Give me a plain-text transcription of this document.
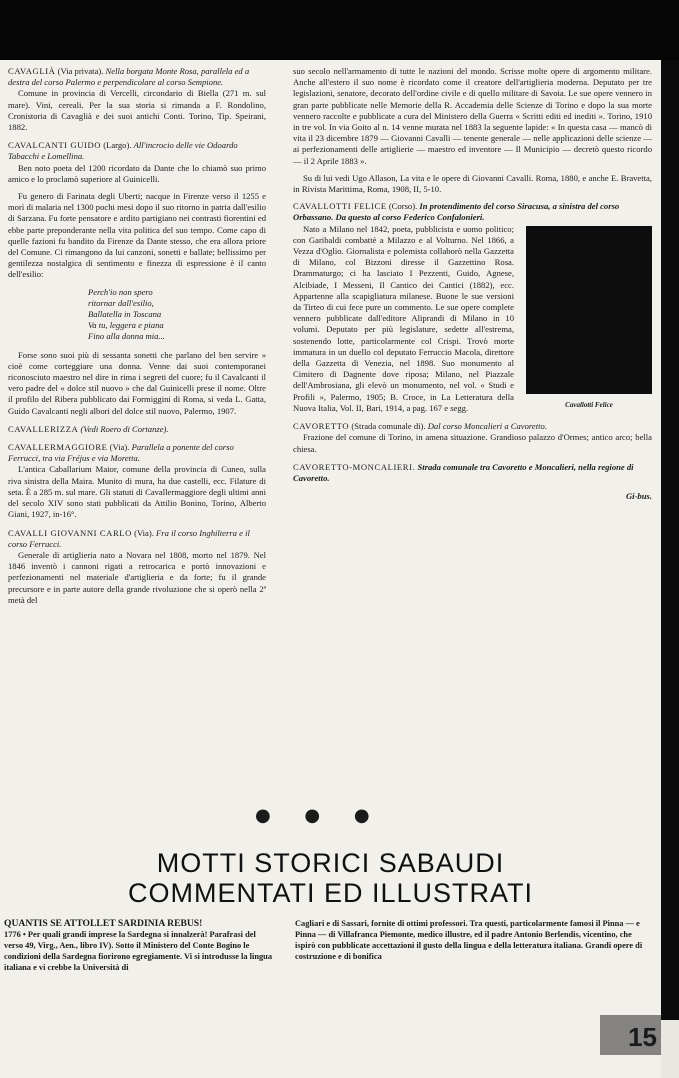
CAVAGLIÀ (Via privata). Nella borgata Monte Rosa, parallela ed a destra del corso Palermo e perpendicolare al corso Sempione.

Comune in provincia di Vercelli, circondario di Biella (271 m. sul mare). Vini, cereali. Per la sua storia si rimanda a F. Rondolino, Cronistoria di Cavaglià e dei suoi antichi Conti. Torino, Tip. Speirani, 1882.

CAVALCANTI GUIDO (Largo). All'incrocio delle vie Odoardo Tabacchi e Lomellina.

Ben noto poeta del 1200 ricordato da Dante che lo chiamò suo primo amico e lo proclamò superiore al Guinicelli.

Fu genero di Farinata degli Uberti; nacque in Firenze verso il 1255 e morì di malaria nel 1300 pochi mesi dopo il suo ritorno in patria dall'esilio di Sarzana. Fu forte pensatore e ardito partigiano nei contrasti fiorentini ed ebbe parte preponderante nella vita politica del suo tempo. Come capo di quelle fazioni fu bandito da Firenze da Dante stesso, che era allora priore del Comune. Ci rimangono da lui canzoni, sonetti e ballate; bellissimo per gentilezza nostalgica di sentimento e finezza di espressione è il canto dell'esilio:

Perch'io non spero
ritornar dall'esilio,
Ballatella in Toscana
Va tu, leggera e piana
Fino alla donna mia...

Forse sono suoi più di sessanta sonetti che parlano del ben servire » cioè come corteggiare una donna. Venne dai suoi contemporanei riconosciuto maestro nel dire in rima i segreti del cuore; fu il Cavalcanti il vero padre del « dolce stil nuovo » che dal Guinicelli prese il nome. Oltre il profilo del Ribera pubblicato dai Formiggini di Roma, si veda L. Gatta, Guido Cavalcanti negli albori del dolce stil nuovo, Palermo, 1907.

CAVALLERIZZA (Vedi Roero di Cortanze).
CAVALLERMAGGIORE (Via). Parallela a ponente del corso Ferrucci, tra via Fréjus e via Moretta.

L'antica Caballarium Maior, comune della provincia di Cuneo, sulla riva sinistra della Maira. Munito di mura, ha due castelli, ecc. Filature di seta. È a 285 m. sul mare. Gli statuti di Cavallermaggiore degli ultimi anni del secolo XIV sono stati pubblicati da Attilio Bonino, Torino, Alberto Giani, 1927, in-16°.

CAVALLI GIOVANNI CARLO (Via). Fra il corso Inghilterra e il corso Ferrucci.

Generale di artiglieria nato a Novara nel 1808, morto nel 1879. Nel 1846 inventò i cannoni rigati a retrocarica e portò innovazioni e perfezionamenti nel materiale d'artiglieria e da forte; fu il grande precursore e in parte autore della grande rivoluzione che si operò nella 2ª metà del

suo secolo nell'armamento di tutte le nazioni del mondo. Scrisse molte opere di argomento militare. Anche all'estero il suo nome è ricordato come il creatore dell'artiglieria moderna. Deputato per tre legislazioni, senatore, decorato dell'ordine civile e di quello militare di Savoia. Le sue opere vennero in gran parte pubblicate nelle Memorie della R. Accademia delle Scienze di Torino e dopo la sua morte vennero raccolte e pubblicate a cura del Ministero della Guerra « Scritti editi ed inediti ». Torino, 1910 in tre vol. In via Goito al n. 14 venne murata nel 1883 la seguente lapide: « In questa casa — mancò di vita il 23 dicembre 1879 — Giovanni Cavalli — tenente generale — nelle applicazioni delle scienze — ai perfezionamenti delle artiglierie — maestro ed inventore — Il Municipio — decretò questo ricordo — il 2 Aprile 1883 ».

Su di lui vedi Ugo Allason, La vita e le opere di Giovanni Cavalli. Roma, 1880, e anche E. Bravetta, in Rivista Marittima, Roma, 1908, II, 5-10.

CAVALLOTTI FELICE (Corso). In protendimento del corso Siracusa, a sinistra del corso Orbassano. Da questo al corso Federico Confalonieri.
Cavallotti Felice

Nato a Milano nel 1842, poeta, pubblicista e uomo politico; con Garibaldi combattè a Milazzo e al Volturno. Nel 1866, a Vezza d'Oglio. Giornalista e polemista collaborò nella Gazzetta di Milano, col Bizzoni diresse il Gazzettino Rosa. Drammaturgo; ci ha lasciato I Pezzenti, Guido, Agnese, Alcibiade, I Messeni, Il Cantico dei Cantici (1882), ecc. Appartenne alla scapigliatura milanese. Buone le sue versioni da Tirteo di cui fece pure un commento. Le sue opere complete vennero pubblicate dall'editore Aliprandi di Milano in 10 volumi. Deputato per più legislature, sedette all'estrema, sostenendo lotte, particolarmente col Crispi. Trovò morte immatura in un duello col deputato Ferruccio Macola, direttore della Gazzetta di Venezia, nel 1898. Suo monumento al Cimitero di Dagnente dove riposa; Milano, nel Piazzale dell'Ambrosiana, gli elevò un monumento, nel vol. « Studi e Profili », Palermo, 1905; B. Croce, in La Letteratura della Nuova Italia, Vol. II, Bari, 1914, a pag. 167 e segg.

CAVORETTO (Strada comunale di). Dal corso Moncalieri a Cavoretto.

Frazione del comune di Torino, in amena situazione. Grandioso palazzo d'Ormes; antico arco; bella chiesa.

CAVORETTO-MONCALIERI. Strada comunale tra Cavoretto e Moncalieri, nella regione di Cavoretto.
Gi-bus.
● ● ●
MOTTI STORICI SABAUDI
COMMENTATI ED ILLUSTRATI
QUANTIS SE ATTOLLET SARDINIA REBUS!
1776 • Per quali grandi imprese la Sardegna si innalzerà! Parafrasi del verso 49, Virg., Aen., libro IV). Sotto il Ministero del Conte Bogino le condizioni della Sardegna fiorirono egregiamente. Vi si introdusse la lingua italiana e vi crebbe la Università di
Cagliari e di Sassari, fornite di ottimi professori. Tra questi, particolarmente famosi il Pinna — e Pinna — di Villafranca Piemonte, medico illustre, ed il padre Antonio Berlendis, vicentino, che ispirò con pubblicate accettazioni il gusto della lingua e della letteratura italiana. Grandi opere di costruzione e di bonifica
15
